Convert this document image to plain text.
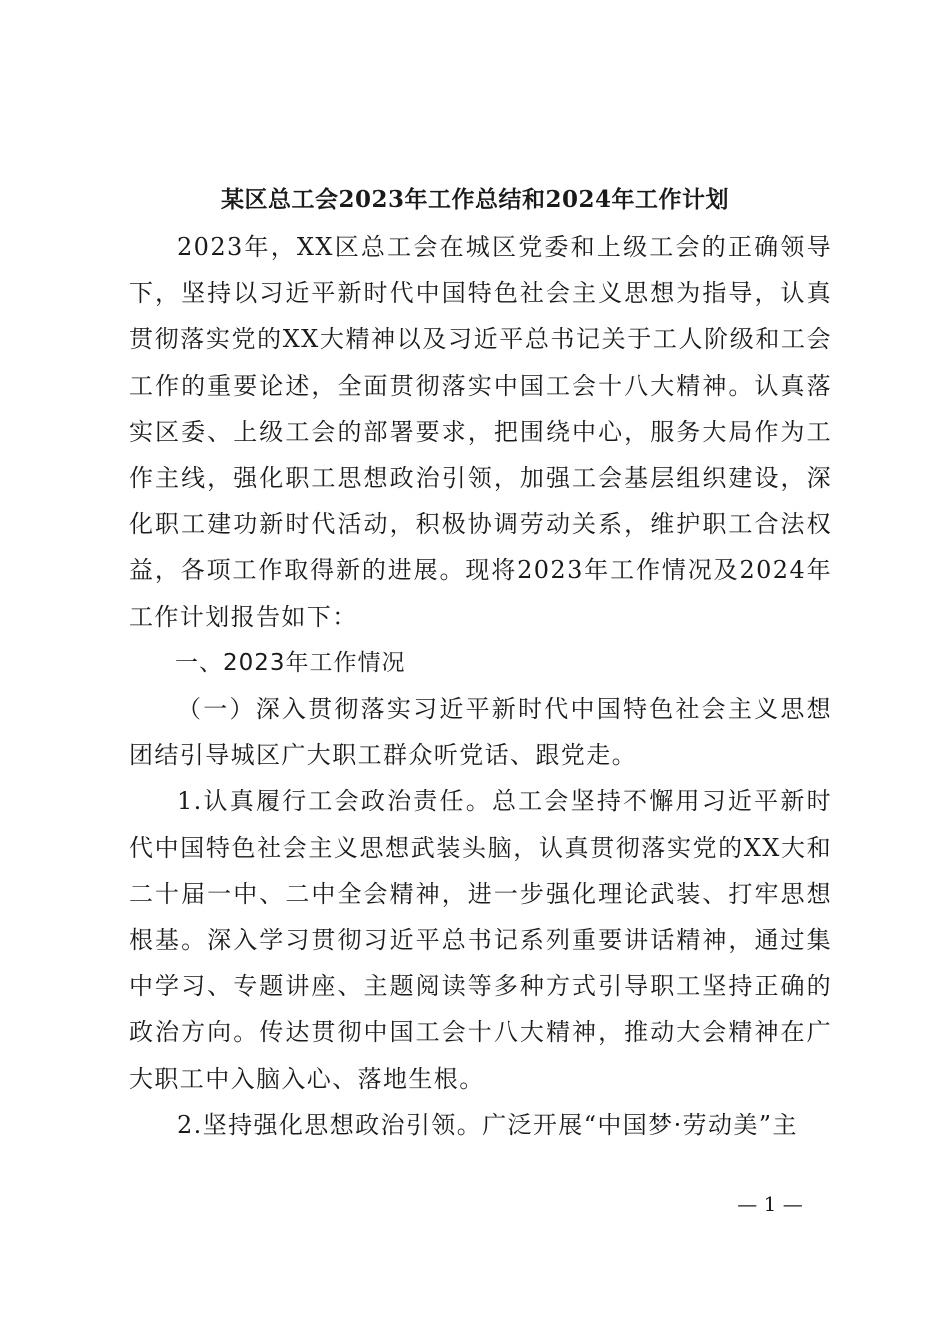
某区总工会2023年工作总结和2024年工作计划

2023年，XX区总工会在城区党委和上级工会的正确领导下，坚持以习近平新时代中国特色社会主义思想为指导，认真贯彻落实党的XX大精神以及习近平总书记关于工人阶级和工会工作的重要论述，全面贯彻落实中国工会十八大精神。认真落实区委、上级工会的部署要求，把围绕中心，服务大局作为工作主线，强化职工思想政治引领，加强工会基层组织建设，深化职工建功新时代活动，积极协调劳动关系，维护职工合法权益，各项工作取得新的进展。现将2023年工作情况及2024年工作计划报告如下：

一、2023年工作情况

（一）深入贯彻落实习近平新时代中国特色社会主义思想团结引导城区广大职工群众听党话、跟党走。

1.认真履行工会政治责任。总工会坚持不懈用习近平新时代中国特色社会主义思想武装头脑，认真贯彻落实党的XX大和二十届一中、二中全会精神，进一步强化理论武装、打牢思想根基。深入学习贯彻习近平总书记系列重要讲话精神，通过集中学习、专题讲座、主题阅读等多种方式引导职工坚持正确的政治方向。传达贯彻中国工会十八大精神，推动大会精神在广大职工中入脑入心、落地生根。

2.坚持强化思想政治引领。广泛开展“中国梦·劳动美”主

— 1 —
